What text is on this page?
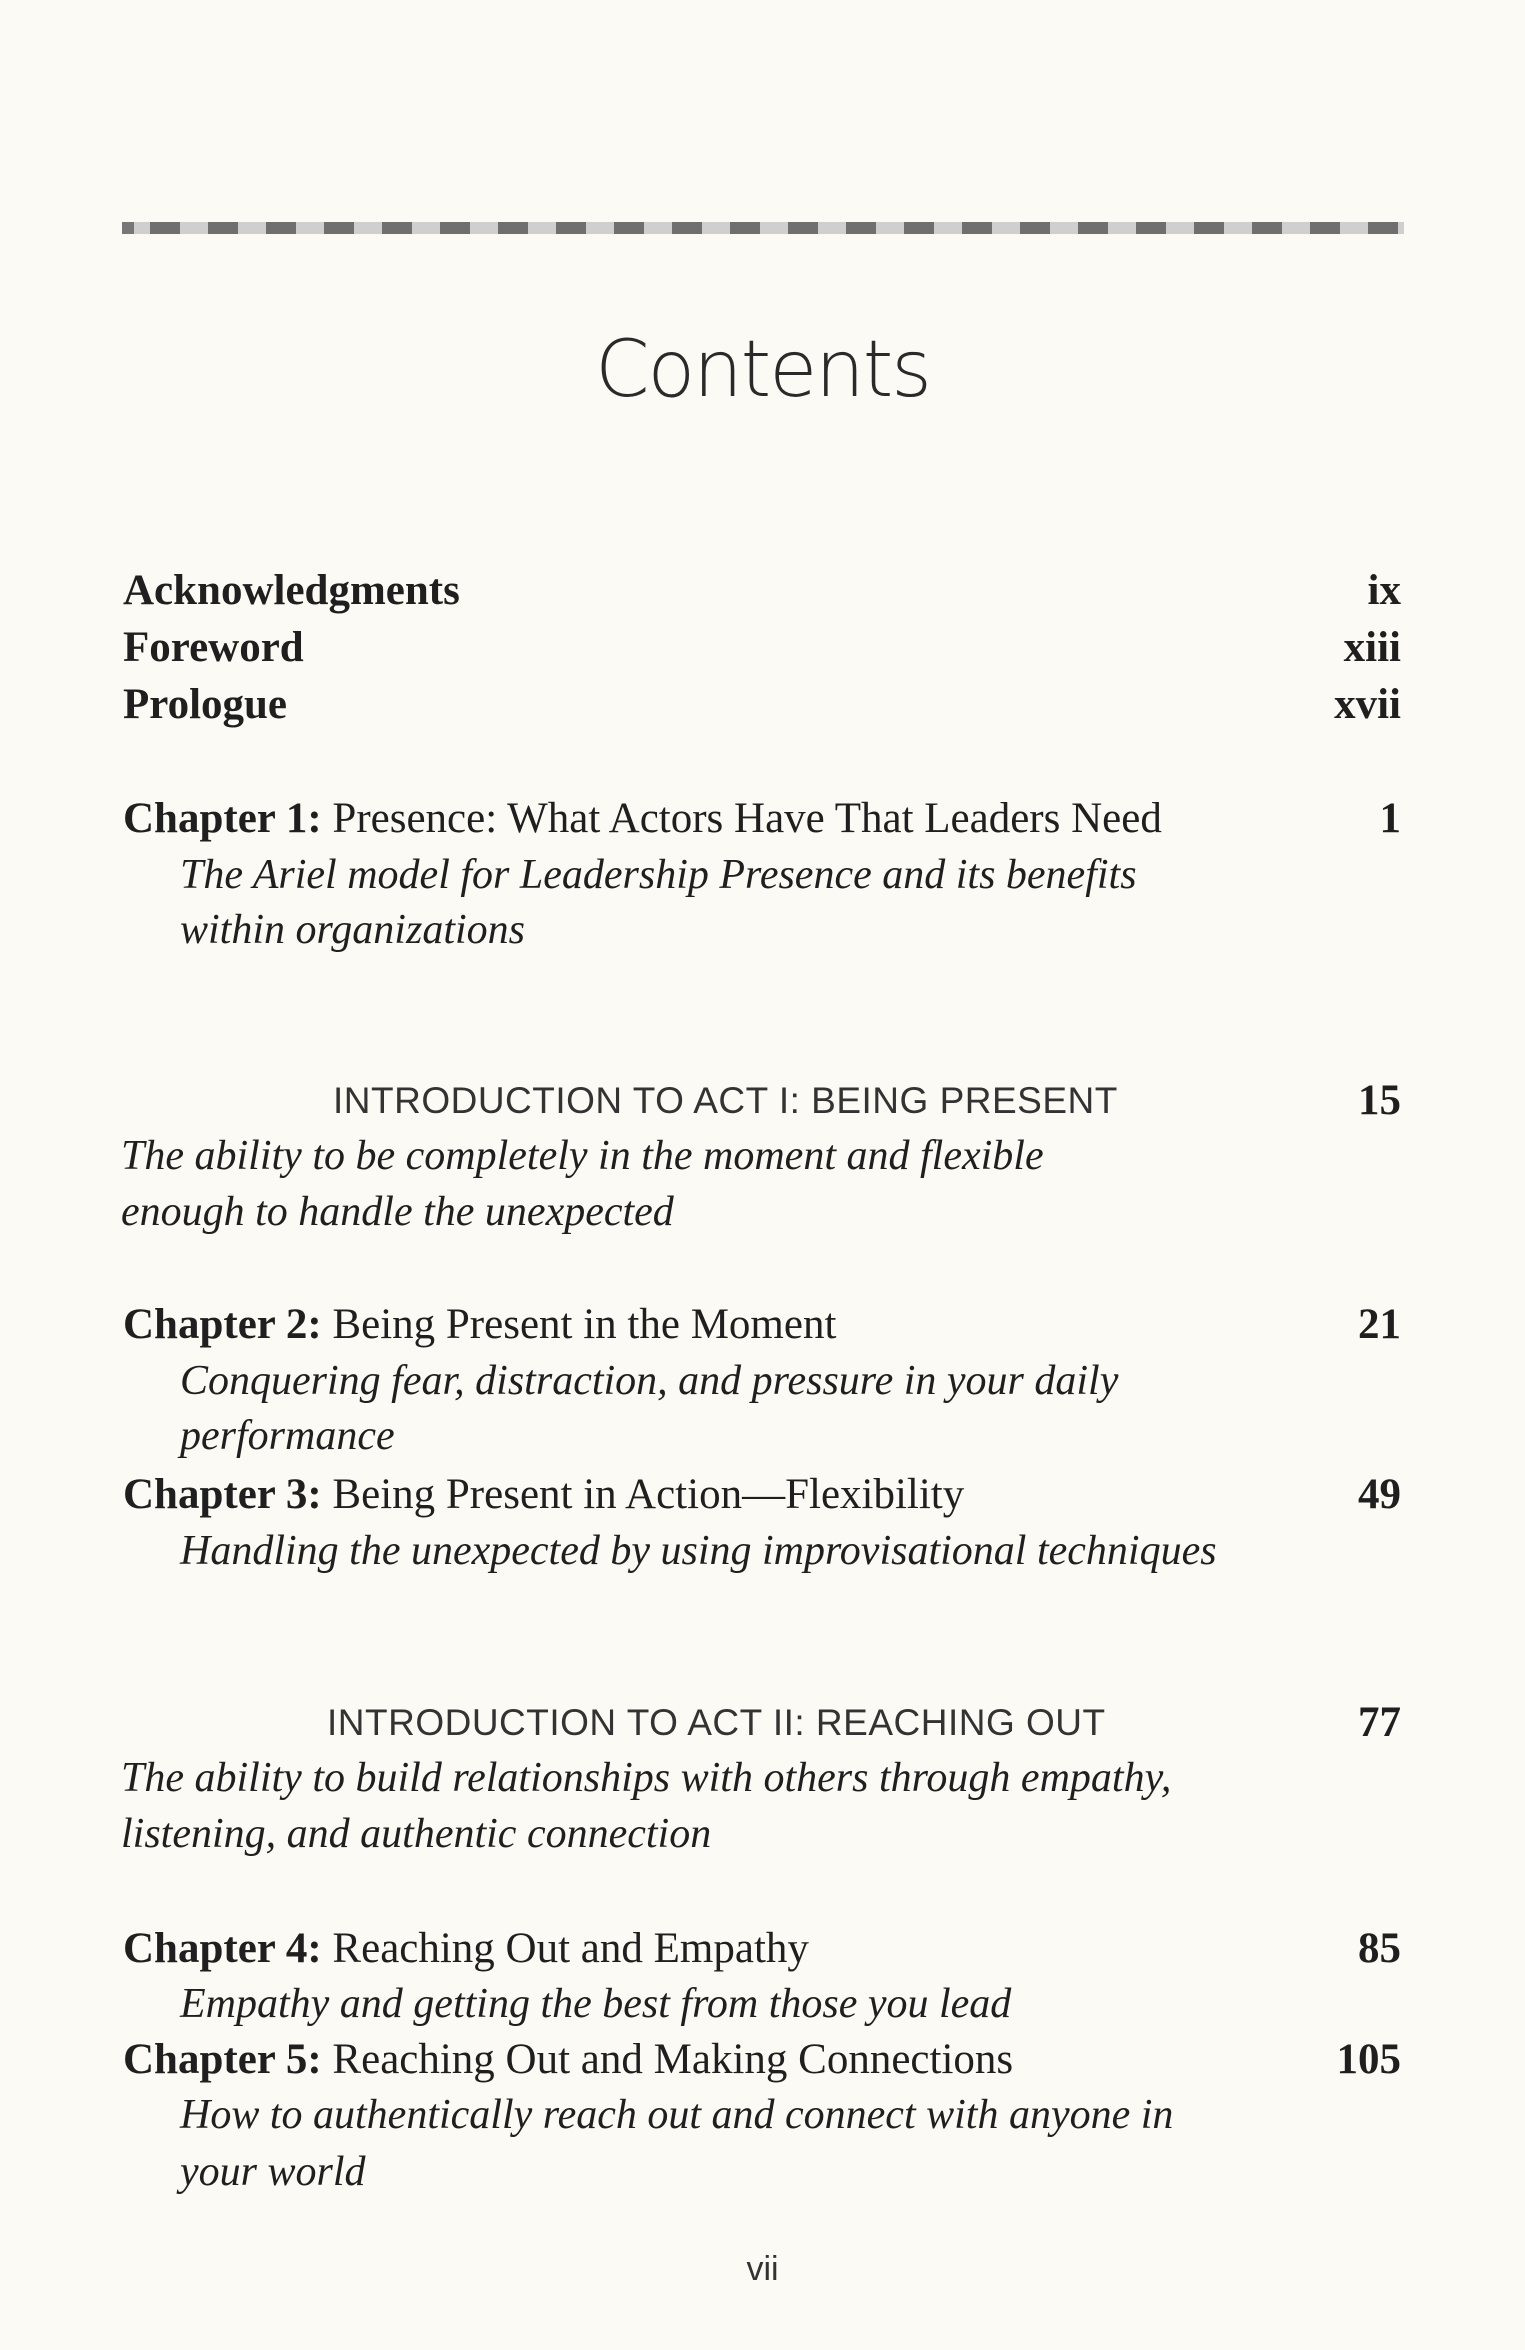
Contents
Acknowledgments	ix
Foreword	xiii
Prologue	xvii
Chapter 1: Presence: What Actors Have That Leaders Need	1
The Ariel model for Leadership Presence and its benefits
within organizations
INTRODUCTION TO ACT I: BEING PRESENT	15
The ability to be completely in the moment and flexible
enough to handle the unexpected
Chapter 2: Being Present in the Moment	21
Conquering fear, distraction, and pressure in your daily
performance
Chapter 3: Being Present in Action—Flexibility	49
Handling the unexpected by using improvisational techniques
INTRODUCTION TO ACT II: REACHING OUT	77
The ability to build relationships with others through empathy,
listening, and authentic connection
Chapter 4: Reaching Out and Empathy	85
Empathy and getting the best from those you lead
Chapter 5: Reaching Out and Making Connections	105
How to authentically reach out and connect with anyone in
your world
vii
